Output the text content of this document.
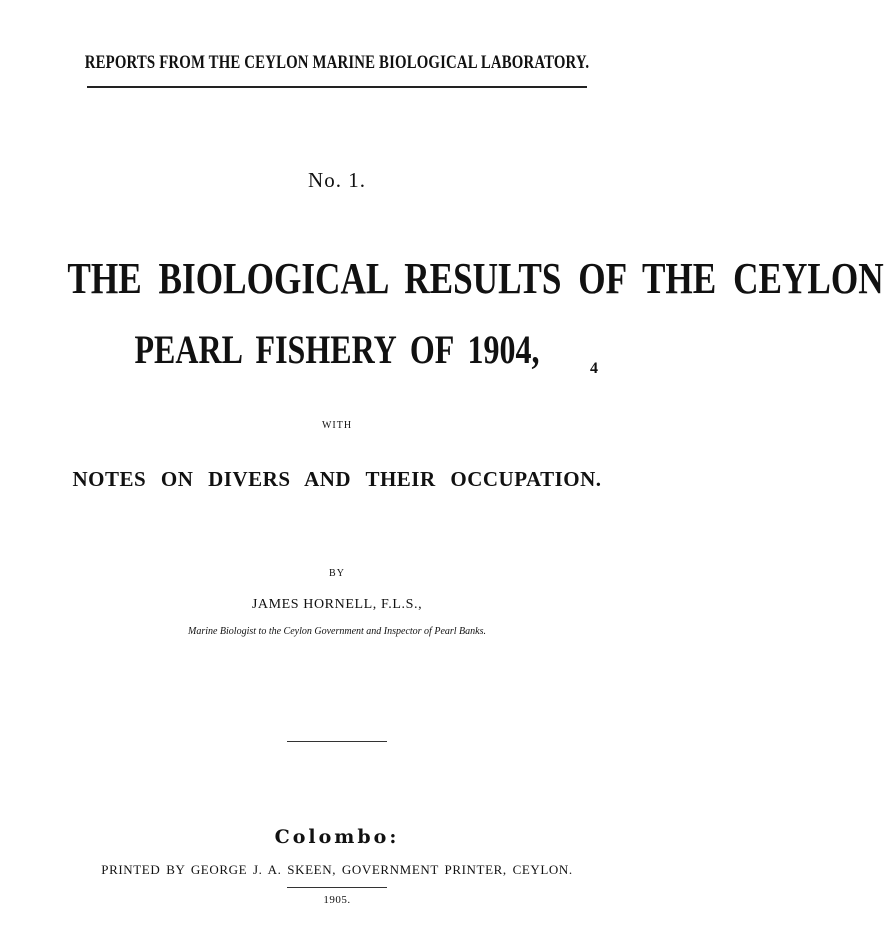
REPORTS FROM THE CEYLON MARINE BIOLOGICAL LABORATORY.
No. 1.
THE BIOLOGICAL RESULTS OF THE CEYLON
PEARL FISHERY OF 1904,	4
WITH
NOTES ON DIVERS AND THEIR OCCUPATION.
BY
JAMES HORNELL, F.L.S.,
Marine Biologist to the Ceylon Government and Inspector of Pearl Banks.
Colombo:
PRINTED BY GEORGE J. A. SKEEN, GOVERNMENT PRINTER, CEYLON.
1905.
